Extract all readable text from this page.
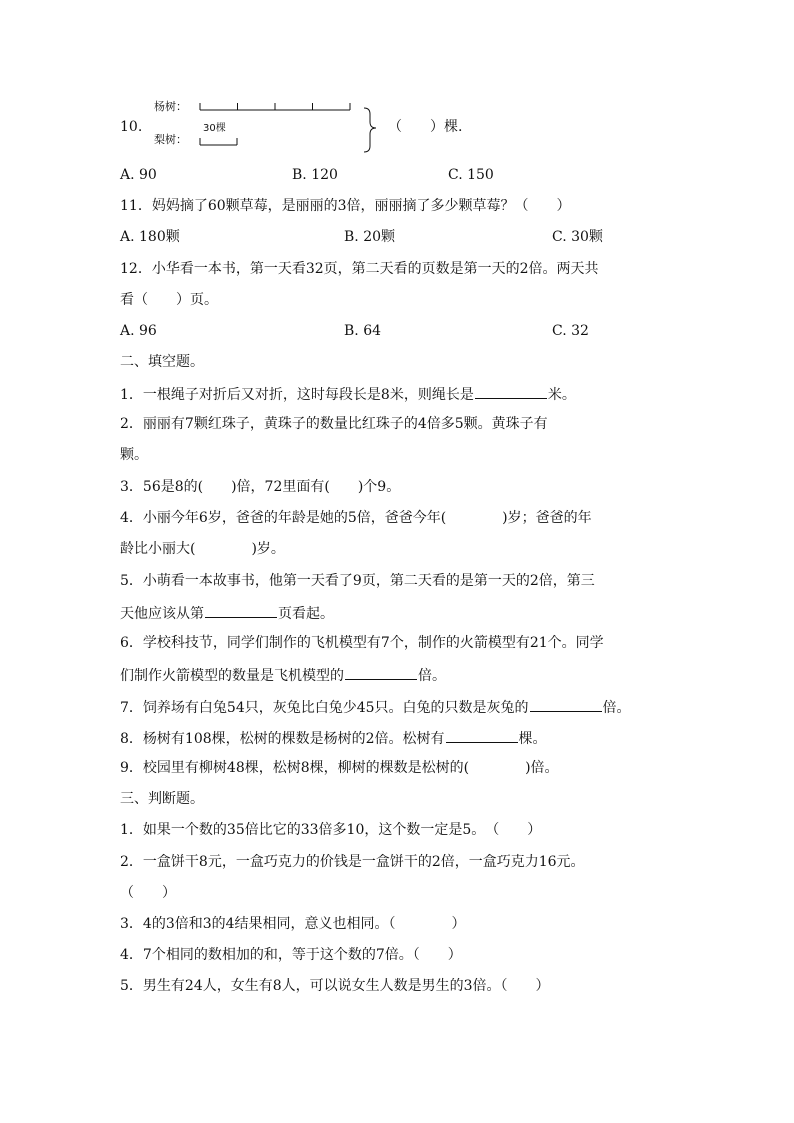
10.
杨树：
梨树：
30棵	（　　）棵.
A. 90	B. 120	C. 150
11．妈妈摘了60颗草莓，是丽丽的3倍，丽丽摘了多少颗草莓？（　　）
A. 180颗	B. 20颗	C. 30颗
12．小华看一本书，第一天看32页，第二天看的页数是第一天的2倍。两天共
看（　　）页。
A. 96	B. 64	C. 32
二、填空题。
1．一根绳子对折后又对折，这时每段长是8米，则绳长是	米。
2．丽丽有7颗红珠子，黄珠子的数量比红珠子的4倍多5颗。黄珠子有
颗。
3．56是8的(　　)倍，72里面有(　　)个9。
4．小丽今年6岁，爸爸的年龄是她的5倍，爸爸今年(　　　　)岁；爸爸的年
龄比小丽大(　　　　)岁。
5．小萌看一本故事书，他第一天看了9页，第二天看的是第一天的2倍，第三
天他应该从第	页看起。
6．学校科技节，同学们制作的飞机模型有7个，制作的火箭模型有21个。同学
们制作火箭模型的数量是飞机模型的	倍。
7．饲养场有白兔54只，灰兔比白兔少45只。白兔的只数是灰兔的	倍。
8．杨树有108棵，松树的棵数是杨树的2倍。松树有	棵。
9．校园里有柳树48棵，松树8棵，柳树的棵数是松树的(　　　　)倍。
三、判断题。
1．如果一个数的35倍比它的33倍多10，这个数一定是5。　（　　）
2．一盒饼干8元，一盒巧克力的价钱是一盒饼干的2倍，一盒巧克力16元。
（　　）
3．4的3倍和3的4结果相同，意义也相同。（　　　　）
4．7个相同的数相加的和，等于这个数的7倍。（　　）
5．男生有24人，女生有8人，可以说女生人数是男生的3倍。（　　）
